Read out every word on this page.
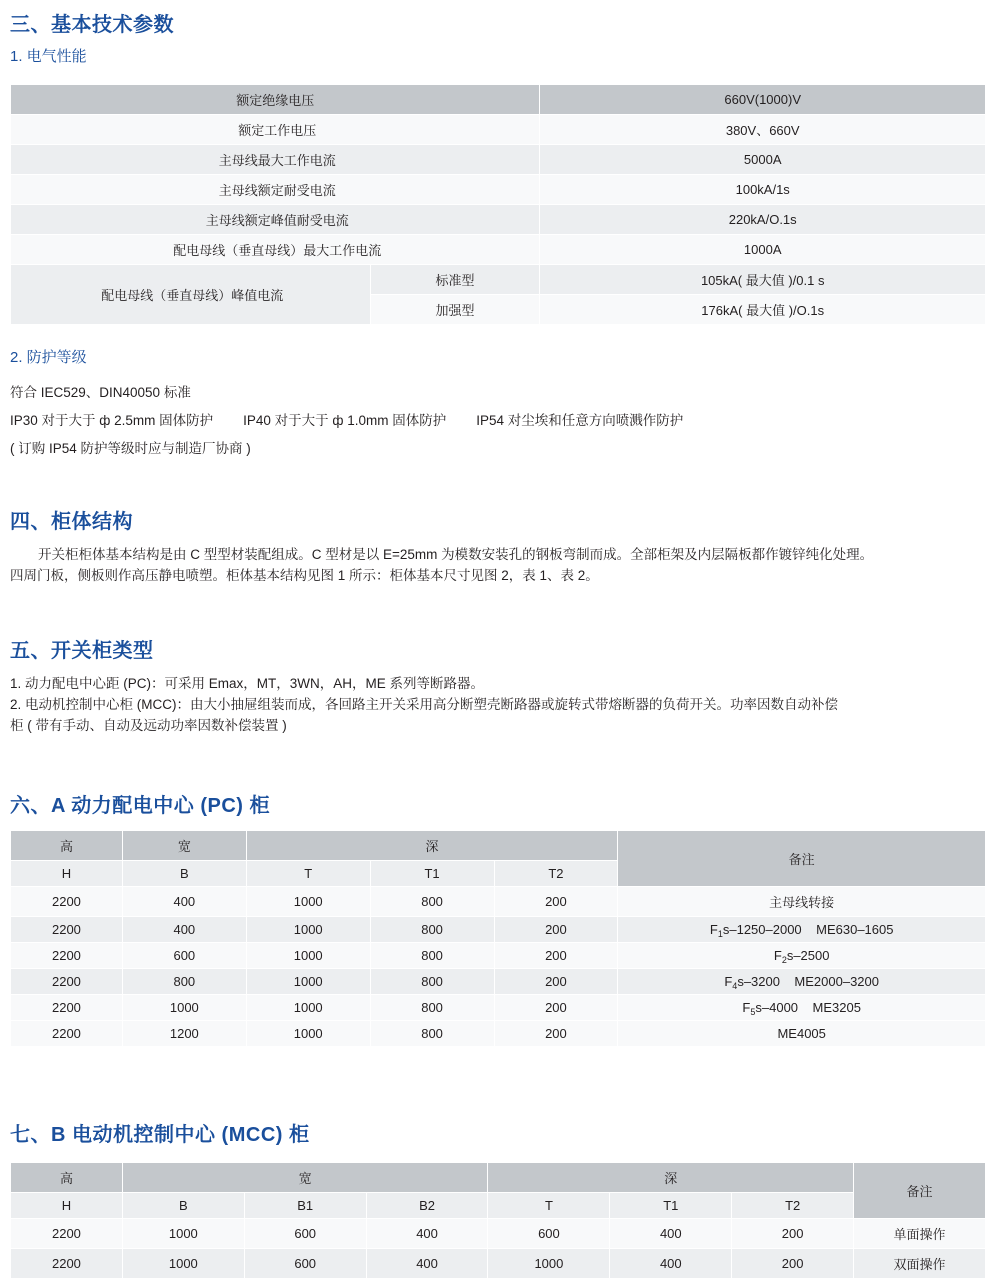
三、基本技术参数
1. 电气性能
额定绝缘电压		660V(1000)V
额定工作电压		380V、660V
主母线最大工作电流		5000A
主母线额定耐受电流		100kA/1s
主母线额定峰值耐受电流		220kA/O.1s
配电母线（垂直母线）最大工作电流		1000A
配电母线（垂直母线）峰值电流	标准型	105kA( 最大值 )/0.1 s
	加强型	176kA( 最大值 )/O.1s
2. 防护等级
符合 IEC529、DIN40050 标准
IP30 对于大于 ф 2.5mm 固体防护 IP40 对于大于 ф 1.0mm 固体防护 IP54 对尘埃和任意方向喷溅作防护
( 订购 IP54 防护等级时应与制造厂协商 )
四、柜体结构
开关柜柜体基本结构是由 C 型型材装配组成。C 型材是以 E=25mm 为模数安装孔的钢板弯制而成。全部柜架及内层隔板都作镀锌纯化处理。
四周门板，侧板则作高压静电喷塑。柜体基本结构见图 1 所示：柜体基本尺寸见图 2，表 1、表 2。
五、开关柜类型
1. 动力配电中心距 (PC)：可采用 Emax，MT，3WN，AH，ME 系列等断路器。
2. 电动机控制中心柜 (MCC)：由大小抽屉组装而成，各回路主开关采用高分断塑壳断路器或旋转式带熔断器的负荷开关。功率因数自动补偿
柜 ( 带有手动、自动及远动功率因数补偿装置 )
六、A 动力配电中心 (PC) 柜
高	宽	深			备注
H	B	T	T1	T2	
2200	400	1000	800	200	主母线转接
2200	400	1000	800	200	$F_1s-1250-2000$ ME630–1605
2200	600	1000	800	200	$F_2s-2500$
2200	800	1000	800	200	$F_4s-3200$ ME2000–3200
2200	1000	1000	800	200	$F_5s-4000$ ME3205
2200	1200	1000	800	200	ME4005
七、B 电动机控制中心 (MCC) 柜
高	宽			深			备注
H	B	B1	B2	T	T1	T2	
2200	1000	600	400	600	400	200	单面操作
2200	1000	600	400	1000	400	200	双面操作
